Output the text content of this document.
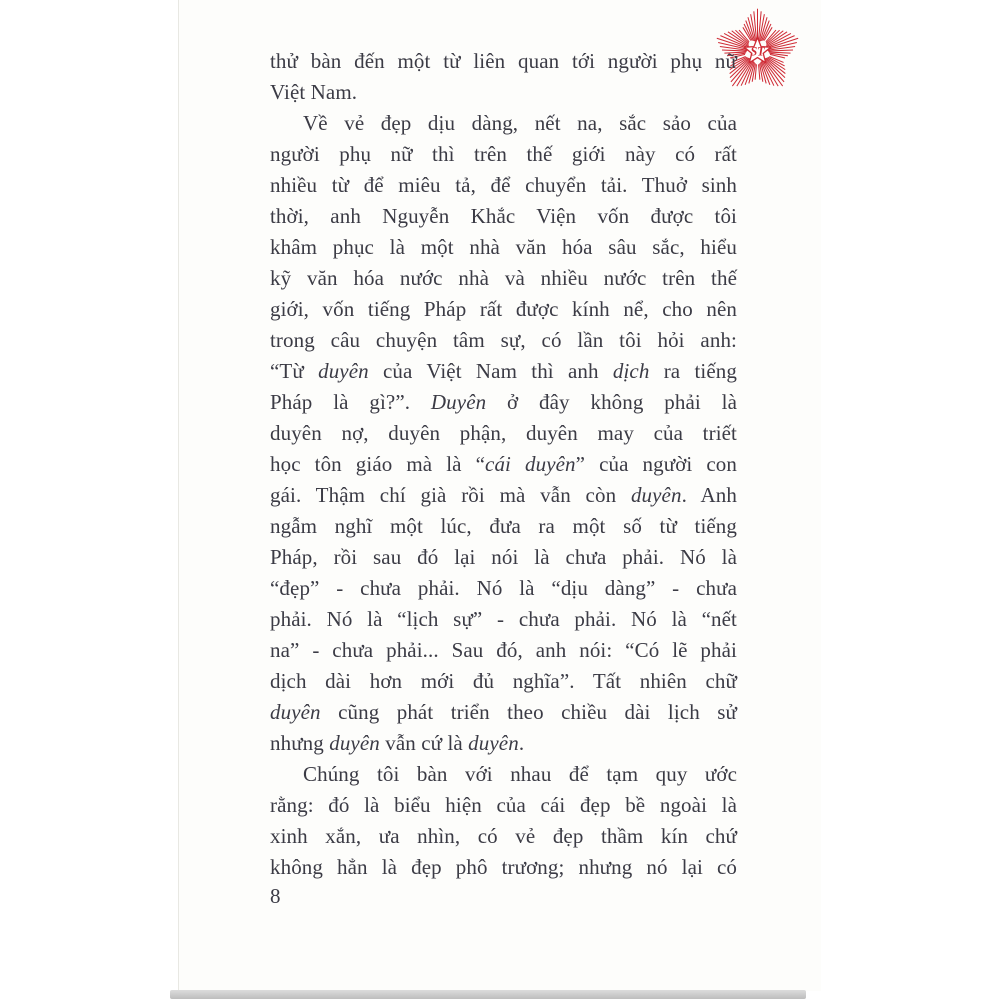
ST
thử bàn đến một từ liên quan tới người phụ nữ
Việt Nam.
Về vẻ đẹp dịu dàng, nết na, sắc sảo của
người phụ nữ thì trên thế giới này có rất
nhiều từ để miêu tả, để chuyển tải. Thuở sinh
thời, anh Nguyễn Khắc Viện vốn được tôi
khâm phục là một nhà văn hóa sâu sắc, hiểu
kỹ văn hóa nước nhà và nhiều nước trên thế
giới, vốn tiếng Pháp rất được kính nể, cho nên
trong câu chuyện tâm sự, có lần tôi hỏi anh:
“Từ duyên của Việt Nam thì anh dịch ra tiếng
Pháp là gì?”. Duyên ở đây không phải là
duyên nợ, duyên phận, duyên may của triết
học tôn giáo mà là “cái duyên” của người con
gái. Thậm chí già rồi mà vẫn còn duyên. Anh
ngẫm nghĩ một lúc, đưa ra một số từ tiếng
Pháp, rồi sau đó lại nói là chưa phải. Nó là
“đẹp” - chưa phải. Nó là “dịu dàng” - chưa
phải. Nó là “lịch sự” - chưa phải. Nó là “nết
na” - chưa phải... Sau đó, anh nói: “Có lẽ phải
dịch dài hơn mới đủ nghĩa”. Tất nhiên chữ
duyên cũng phát triển theo chiều dài lịch sử
nhưng duyên vẫn cứ là duyên.
Chúng tôi bàn với nhau để tạm quy ước
rằng: đó là biểu hiện của cái đẹp bề ngoài là
xinh xắn, ưa nhìn, có vẻ đẹp thầm kín chứ
không hẳn là đẹp phô trương; nhưng nó lại có
8
